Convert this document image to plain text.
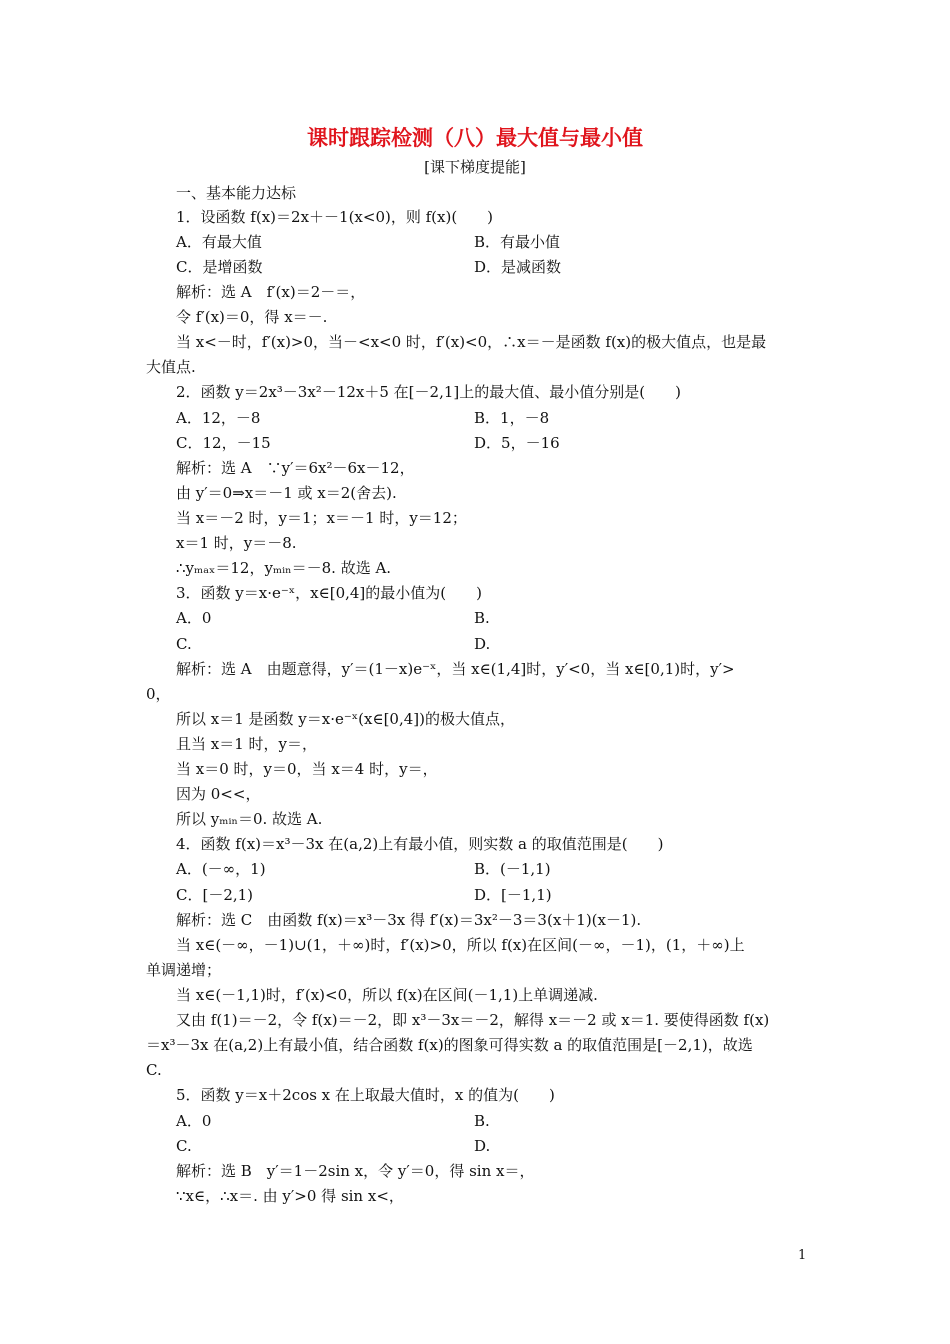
课时跟踪检测（八）最大值与最小值
[课下梯度提能]
一、基本能力达标
1．设函数 f(x)＝2x＋－1(x<0)，则 f(x)(　　)
A．有最大值	B．有最小值
C．是增函数	D．是减函数
解析：选 A　f′(x)＝2－＝，
令 f′(x)＝0，得 x＝－.
当 x<－时，f′(x)>0，当－<x<0 时，f′(x)<0，∴x＝－是函数 f(x)的极大值点，也是最
大值点.
2．函数 y＝2x³－3x²－12x＋5 在[－2,1]上的最大值、最小值分别是(　　)
A．12，－8	B．1，－8
C．12，－15	D．5，－16
解析：选 A　∵y′＝6x²－6x－12，
由 y′＝0⇒x＝－1 或 x＝2(舍去).
当 x＝－2 时，y＝1；x＝－1 时，y＝12；
x＝1 时，y＝－8.
∴yₘₐₓ＝12，yₘᵢₙ＝－8. 故选 A.
3．函数 y＝x·e⁻ˣ，x∈[0,4]的最小值为(　　)
A．0	B.
C.	D.
解析：选 A　由题意得，y′＝(1－x)e⁻ˣ，当 x∈(1,4]时，y′<0，当 x∈[0,1)时，y′>
0，
所以 x＝1 是函数 y＝x·e⁻ˣ(x∈[0,4])的极大值点，
且当 x＝1 时，y＝，
当 x＝0 时，y＝0，当 x＝4 时，y＝，
因为 0<<，
所以 yₘᵢₙ＝0. 故选 A.
4．函数 f(x)＝x³－3x 在(a,2)上有最小值，则实数 a 的取值范围是(　　)
A．(－∞，1)	B．(－1,1)
C．[－2,1)	D．[－1,1)
解析：选 C　由函数 f(x)＝x³－3x 得 f′(x)＝3x²－3＝3(x＋1)(x－1).
当 x∈(－∞，－1)∪(1，＋∞)时，f′(x)>0，所以 f(x)在区间(－∞，－1)，(1，＋∞)上
单调递增；
当 x∈(－1,1)时，f′(x)<0，所以 f(x)在区间(－1,1)上单调递减.
又由 f(1)＝－2，令 f(x)＝－2，即 x³－3x＝－2，解得 x＝－2 或 x＝1. 要使得函数 f(x)
＝x³－3x 在(a,2)上有最小值，结合函数 f(x)的图象可得实数 a 的取值范围是[－2,1)，故选
C.
5．函数 y＝x＋2cos x 在上取最大值时，x 的值为(　　)
A．0	B.
C.	D.
解析：选 B　y′＝1－2sin x，令 y′＝0，得 sin x＝，
∵x∈，∴x＝. 由 y′>0 得 sin x<，
1
